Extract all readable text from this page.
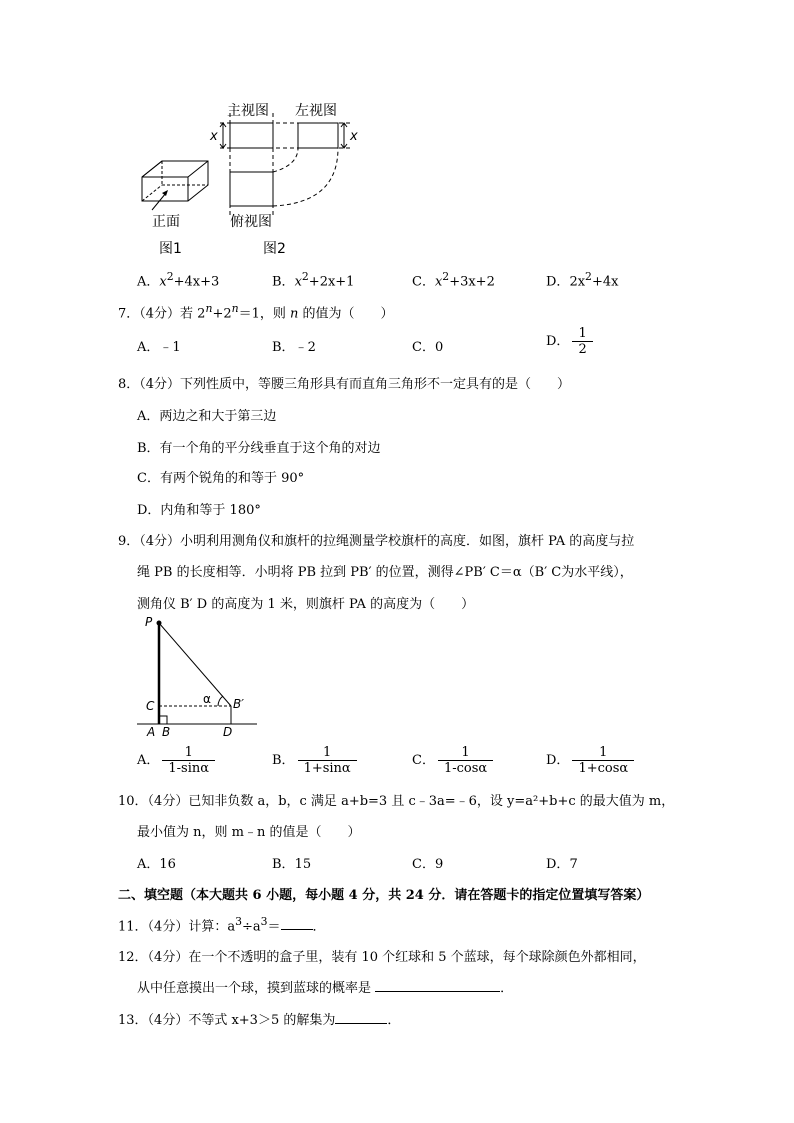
x	x
主视图 左视图
俯视图
正面
图1	图2
A．$x^2+4x+3$	B．$x^2+2x+1$	C．$x^2+3x+2$	D．$2x^2+4x$
7．（4分）若 $2^n+2^n=1$，则 n 的值为（　　）
A．﹣1	B．﹣2	C．0	D． $\frac{1}{2}$
8．（4分）下列性质中，等腰三角形具有而直角三角形不一定具有的是（　　）
A．两边之和大于第三边
B．有一个角的平分线垂直于这个角的对边
C．有两个锐角的和等于 90°
D．内角和等于 180°
9．（4分）小明利用测角仪和旗杆的拉绳测量学校旗杆的高度．如图，旗杆 PA 的高度与拉
绳 PB 的长度相等．小明将 PB 拉到 PB′ 的位置，测得∠PB′ C＝α（B′ C为水平线），
测角仪 B′ D 的高度为 1 米，则旗杆 PA 的高度为（　　）
P
C
A B
B′
D
α
A． $\frac{1}{1-\sin\alpha}$	B． $\frac{1}{1+\sin\alpha}$	C． $\frac{1}{1-\cos\alpha}$	D． $\frac{1}{1+\cos\alpha}$
10．（4分）已知非负数 a，b，c 满足 a+b=3 且 c﹣3a=﹣6，设 y=a²+b+c 的最大值为 m，
最小值为 n，则 m﹣n 的值是（　　）
A．16	B．15	C．9	D．7
二、填空题（本大题共 6 小题，每小题 4 分，共 24 分．请在答题卡的指定位置填写答案）
11．（4分）计算：$a^3\div a^3=$ ．
12．（4分）在一个不透明的盒子里，装有 10 个红球和 5 个蓝球，每个球除颜色外都相同，
从中任意摸出一个球，摸到蓝球的概率是	．
13．（4分）不等式 x+3＞5 的解集为	．
